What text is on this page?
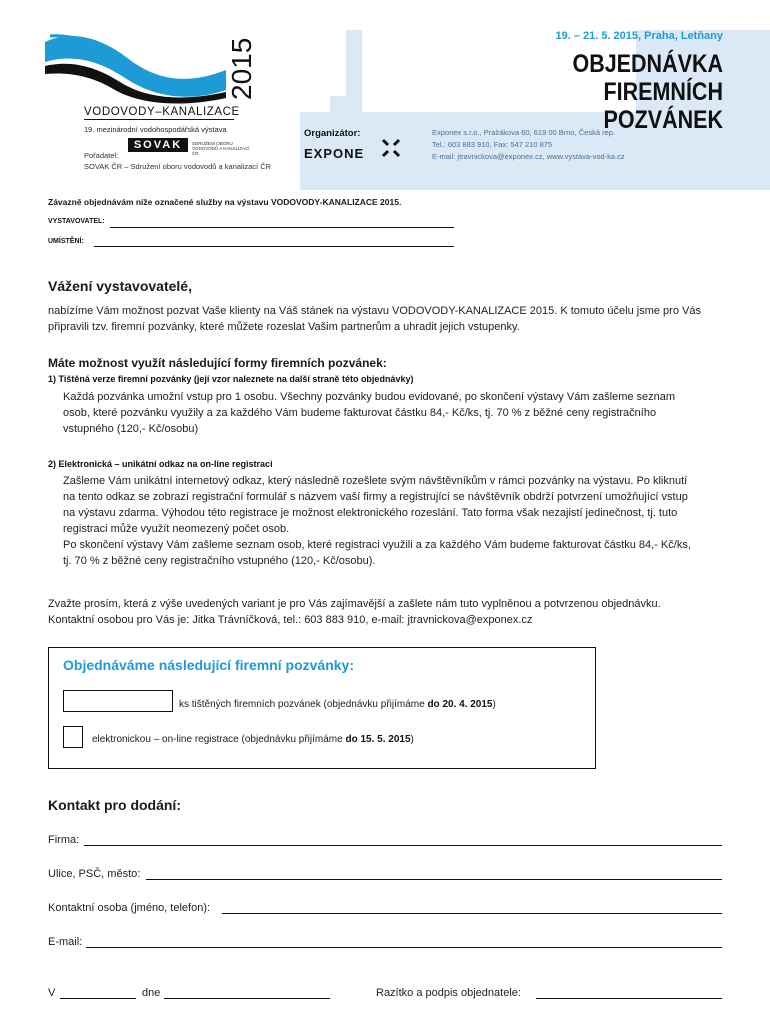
2015
VODOVODY–KANALIZACE
19. mezinárodní vodohospodářská výstava
SOVAK	SDRUŽENÍ OBORU VODOVODŮ A KANALIZACÍ ČR
Pořadatel:
SOVAK ČR – Sdružení oboru vodovodů a kanalizací ČR
19. – 21. 5. 2015, Praha, Letňany
OBJEDNÁVKA
FIREMNÍCH POZVÁNEK
Organizátor:
EXPONE
Exponex s.r.o., Pražákova 60, 619 00 Brno, Česká rep.
Tel.: 603 883 910, Fax: 547 210 875
E-mail: jtravnickova@exponex.cz, www.vystava-vod-ka.cz
Závazně objednávám níže označené služby na výstavu VODOVODY-KANALIZACE 2015.
VYSTAVOVATEL:
UMÍSTĚNÍ:
Vážení vystavovatelé,
nabízíme Vám možnost pozvat Vaše klienty na Váš stánek na výstavu VODOVODY-KANALIZACE 2015. K tomuto účelu jsme pro Vás
připravili tzv. firemní pozvánky, které můžete rozeslat Vašim partnerům a uhradit jejich vstupenky.
Máte možnost využít následující formy firemních pozvánek:
1) Tištěná verze firemní pozvánky (její vzor naleznete na další straně této objednávky)
Každá pozvánka umožní vstup pro 1 osobu. Všechny pozvánky budou evidované, po skončení výstavy Vám zašleme seznam
osob, které pozvánku využily a za každého Vám budeme fakturovat částku 84,- Kč/ks, tj. 70 % z běžné ceny registračního
vstupného (120,- Kč/osobu)
2) Elektronická – unikátní odkaz na on-line registraci
Zašleme Vám unikátní internetový odkaz, který následně rozešlete svým návštěvníkům v rámci pozvánky na výstavu. Po kliknutí
na tento odkaz se zobrazí registrační formulář s názvem vaší firmy a registrující se návštěvník obdrží potvrzení umožňující vstup
na výstavu zdarma. Výhodou této registrace je možnost elektronického rozeslání. Tato forma však nezajistí jedinečnost, tj. tuto
registraci může využít neomezený počet osob.
Po skončení výstavy Vám zašleme seznam osob, které registraci využili a za každého Vám budeme fakturovat částku 84,- Kč/ks,
tj. 70 % z běžné ceny registračního vstupného (120,- Kč/osobu).
Zvažte prosím, která z výše uvedených variant je pro Vás zajímavější a zašlete nám tuto vyplněnou a potvrzenou objednávku.
Kontaktní osobou pro Vás je: Jitka Trávníčková, tel.: 603 883 910, e-mail: jtravnickova@exponex.cz
Objednáváme následující firemní pozvánky:
ks tištěných firemních pozvánek (objednávku přijímáme do 20. 4. 2015)
elektronickou – on-line registrace (objednávku přijímáme do 15. 5. 2015)
Kontakt pro dodání:
Firma:
Ulice, PSČ, město:
Kontaktní osoba (jméno, telefon):
E-mail:
V	dne	Razítko a podpis objednatele:
